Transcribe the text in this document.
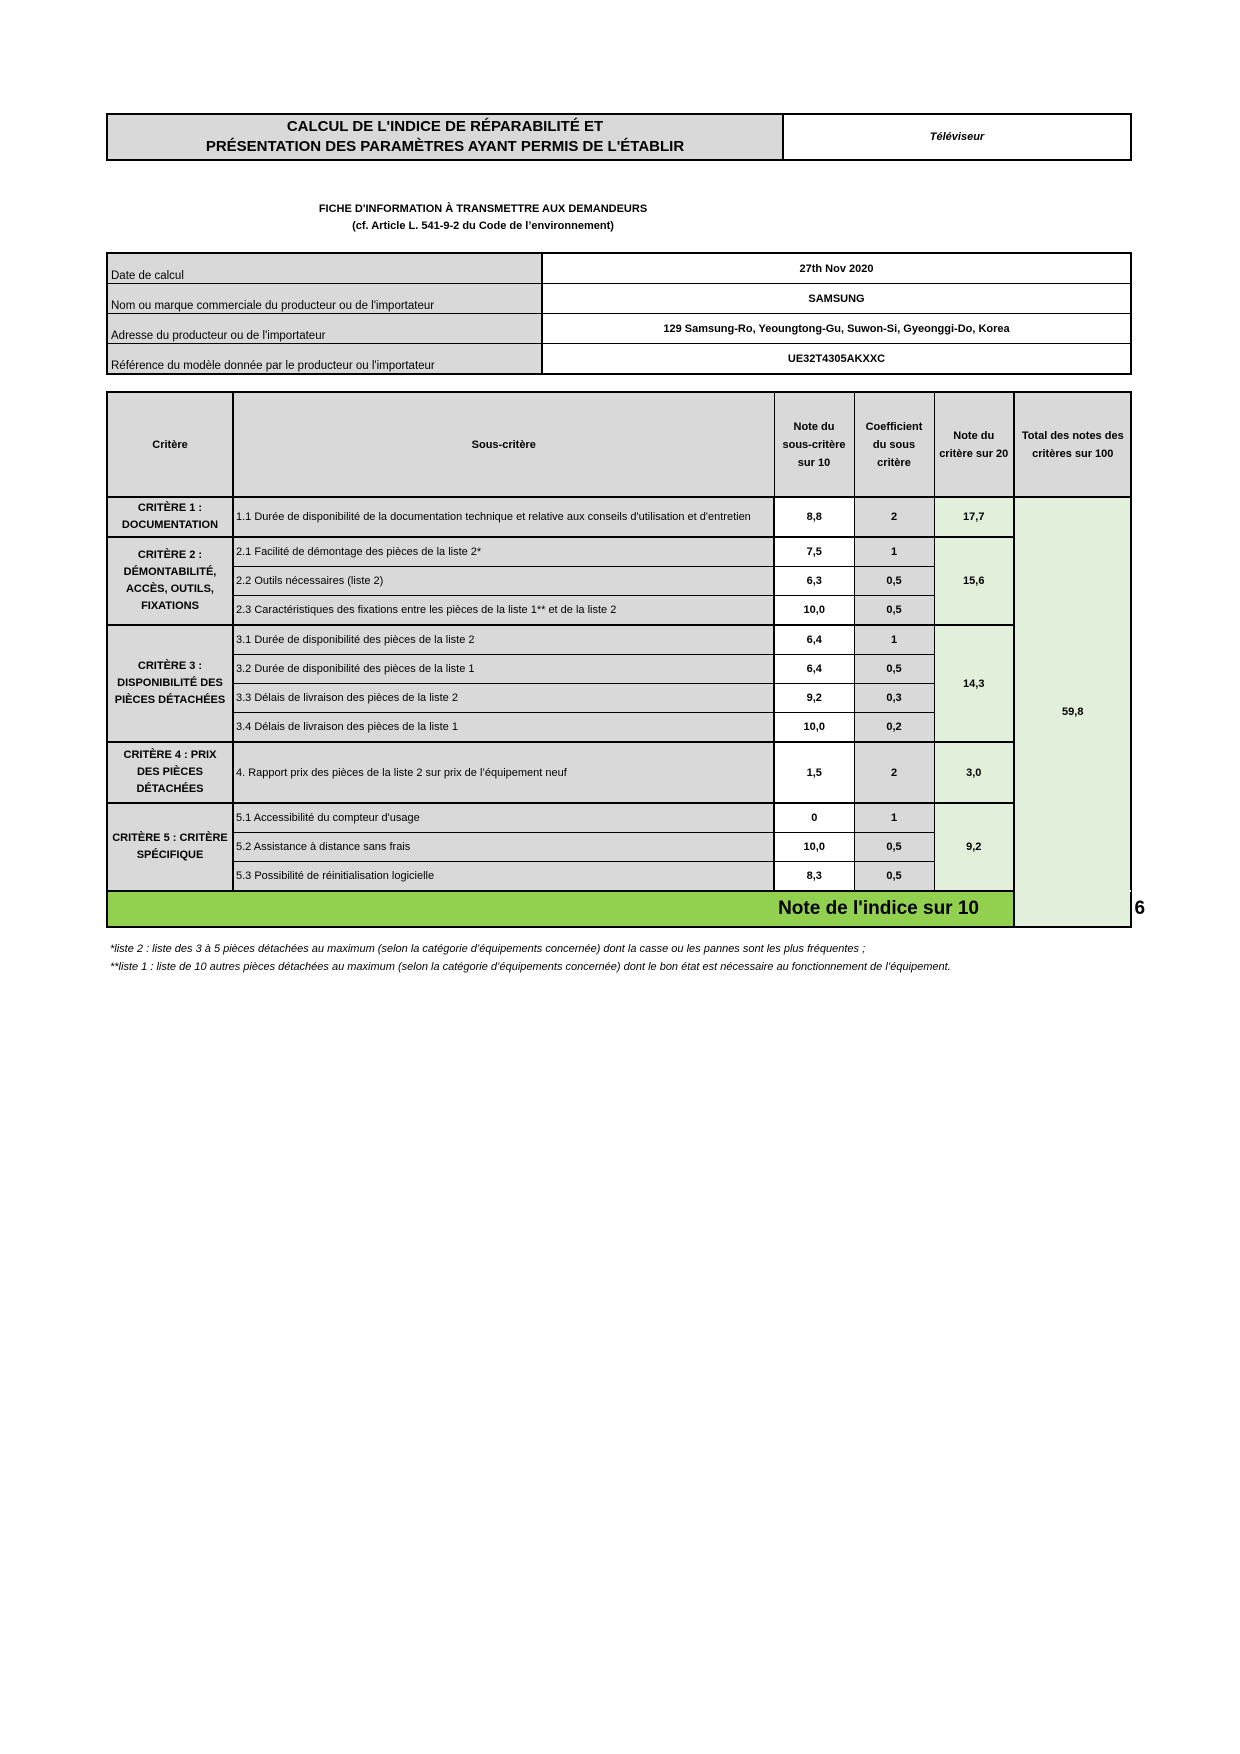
CALCUL DE L'INDICE DE RÉPARABILITÉ ET
PRÉSENTATION DES PARAMÈTRES AYANT PERMIS DE L'ÉTABLIR
	Téléviseur
FICHE D'INFORMATION À TRANSMETTRE AUX DEMANDEURS
(cf. Article L. 541-9-2 du Code de l’environnement)
Date de calcul	27th Nov 2020
Nom ou marque commerciale du producteur ou de l'importateur	SAMSUNG
Adresse du producteur ou de l'importateur	129 Samsung-Ro, Yeoungtong-Gu, Suwon-Si, Gyeonggi-Do, Korea
Référence du modèle donnée par le producteur ou l'importateur	UE32T4305AKXXC
Critère	Sous-critère	Note du sous-critère sur 10	Coefficient du sous critère	Note du critère sur 20	Total des notes des critères sur 100	
CRITÈRE 1 : DOCUMENTATION	1.1 Durée de disponibilité de la documentation technique et relative aux conseils d'utilisation et d'entretien	8,8	2	17,7	59,8	
CRITÈRE 2 : DÉMONTABILITÉ, ACCÈS, OUTILS, FIXATIONS	2.1 Facilité de démontage des pièces de la liste 2*	7,5	1	15,6		
	2.2 Outils nécessaires (liste 2)	6,3	0,5			
	2.3 Caractéristiques des fixations entre les pièces de la liste 1** et de la liste 2	10,0	0,5			
CRITÈRE 3 : DISPONIBILITÉ DES PIÈCES DÉTACHÉES	3.1 Durée de disponibilité des pièces de la liste 2	6,4	1	14,3		
	3.2 Durée de disponibilité des pièces de la liste 1	6,4	0,5			
	3.3 Délais de livraison des pièces de la liste 2	9,2	0,3			
	3.4 Délais de livraison des pièces de la liste 1	10,0	0,2			
CRITÈRE 4 : PRIX DES PIÈCES DÉTACHÉES	4. Rapport prix des pièces de la liste 2 sur prix de l’équipement neuf	1,5	2	3,0		
CRITÈRE 5 : CRITÈRE SPÉCIFIQUE	5.1 Accessibilité du compteur d'usage	0	1	9,2		
	5.2 Assistance à distance sans frais	10,0	0,5			
	5.3 Possibilité de réinitialisation logicielle	8,3	0,5			
Note de l'indice sur 10						6
*liste 2 : liste des 3 à 5 pièces détachées au maximum (selon la catégorie d’équipements concernée) dont la casse ou les pannes sont les plus fréquentes ;
**liste 1 : liste de 10 autres pièces détachées au maximum (selon la catégorie d’équipements concernée) dont le bon état est nécessaire au fonctionnement de l’équipement.
